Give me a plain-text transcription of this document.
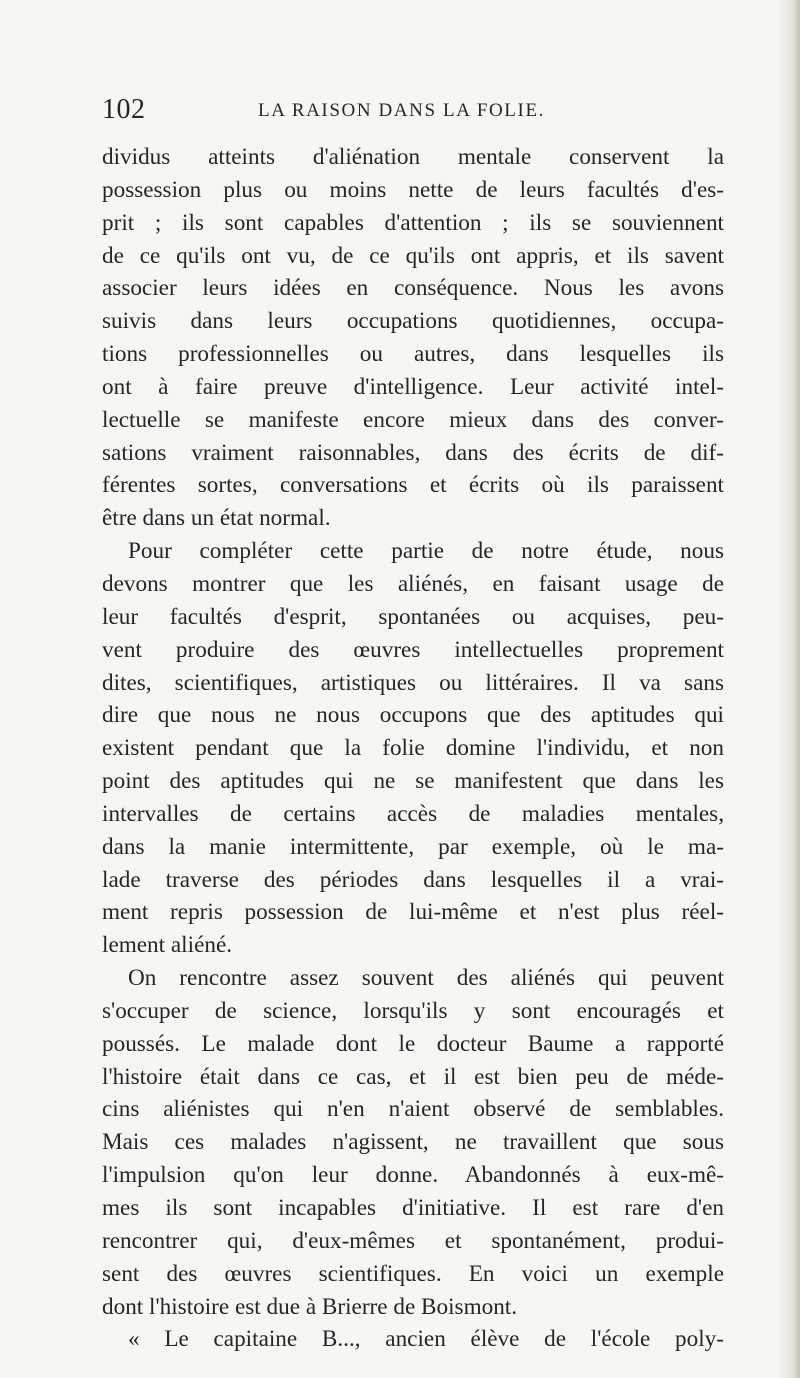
102	LA RAISON DANS LA FOLIE.
dividus atteints d'aliénation mentale conservent la
possession plus ou moins nette de leurs facultés d'es-
prit ; ils sont capables d'attention ; ils se souviennent
de ce qu'ils ont vu, de ce qu'ils ont appris, et ils savent
associer leurs idées en conséquence. Nous les avons
suivis dans leurs occupations quotidiennes, occupa-
tions professionnelles ou autres, dans lesquelles ils
ont à faire preuve d'intelligence. Leur activité intel-
lectuelle se manifeste encore mieux dans des conver-
sations vraiment raisonnables, dans des écrits de dif-
férentes sortes, conversations et écrits où ils paraissent
être dans un état normal.
Pour compléter cette partie de notre étude, nous
devons montrer que les aliénés, en faisant usage de
leur facultés d'esprit, spontanées ou acquises, peu-
vent produire des œuvres intellectuelles proprement
dites, scientifiques, artistiques ou littéraires. Il va sans
dire que nous ne nous occupons que des aptitudes qui
existent pendant que la folie domine l'individu, et non
point des aptitudes qui ne se manifestent que dans les
intervalles de certains accès de maladies mentales,
dans la manie intermittente, par exemple, où le ma-
lade traverse des périodes dans lesquelles il a vrai-
ment repris possession de lui-même et n'est plus réel-
lement aliéné.
On rencontre assez souvent des aliénés qui peuvent
s'occuper de science, lorsqu'ils y sont encouragés et
poussés. Le malade dont le docteur Baume a rapporté
l'histoire était dans ce cas, et il est bien peu de méde-
cins aliénistes qui n'en n'aient observé de semblables.
Mais ces malades n'agissent, ne travaillent que sous
l'impulsion qu'on leur donne. Abandonnés à eux-mê-
mes ils sont incapables d'initiative. Il est rare d'en
rencontrer qui, d'eux-mêmes et spontanément, produi-
sent des œuvres scientifiques. En voici un exemple
dont l'histoire est due à Brierre de Boismont.
« Le capitaine B..., ancien élève de l'école poly-
